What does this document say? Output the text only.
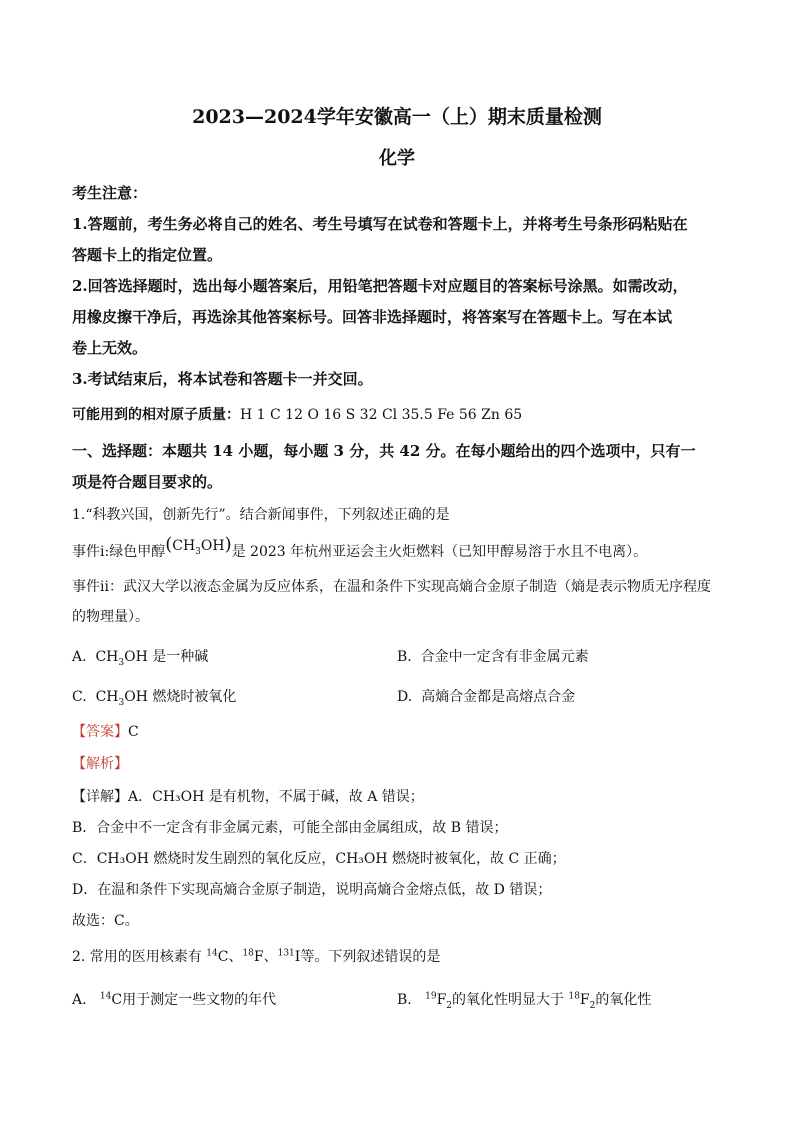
2023—2024学年安徽高一（上）期末质量检测
化学
考生注意：
1.答题前，考生务必将自己的姓名、考生号填写在试卷和答题卡上，并将考生号条形码粘贴在
答题卡上的指定位置。
2.回答选择题时，选出每小题答案后，用铅笔把答题卡对应题目的答案标号涂黑。如需改动，
用橡皮擦干净后，再选涂其他答案标号。回答非选择题时，将答案写在答题卡上。写在本试
卷上无效。
3.考试结束后，将本试卷和答题卡一并交回。
可能用到的相对原子质量：H 1 C 12 O 16 S 32 Cl 35.5 Fe 56 Zn 65
一、选择题：本题共 14 小题，每小题 3 分，共 42 分。在每小题给出的四个选项中，只有一
项是符合题目要求的。
1.“科教兴国，创新先行”。结合新闻事件，下列叙述正确的是
事件ⅰ:绿色甲醇$(CH_3OH)$是 2023 年杭州亚运会主火炬燃料（已知甲醇易溶于水且不电离）。
事件ⅱ：武汉大学以液态金属为反应体系，在温和条件下实现高熵合金原子制造（熵是表示物质无序程度
的物理量）。
A. $CH_3OH$ 是一种碱	B. 合金中一定含有非金属元素
C. $CH_3OH$ 燃烧时被氧化	D. 高熵合金都是高熔点合金
【答案】C
【解析】
【详解】A．CH₃OH 是有机物，不属于碱，故 A 错误；
B．合金中不一定含有非金属元素，可能全部由金属组成，故 B 错误；
C．CH₃OH 燃烧时发生剧烈的氧化反应，CH₃OH 燃烧时被氧化，故 C 正确；
D．在温和条件下实现高熵合金原子制造，说明高熵合金熔点低，故 D 错误；
故选：C。
2. 常用的医用核素有 $^{14}$C、$^{18}$F、$^{131}$I等。下列叙述错误的是
A. $^{14}$C用于测定一些文物的年代	B. $^{19}F_2$的氧化性明显大于 $^{18}F_2$的氧化性
